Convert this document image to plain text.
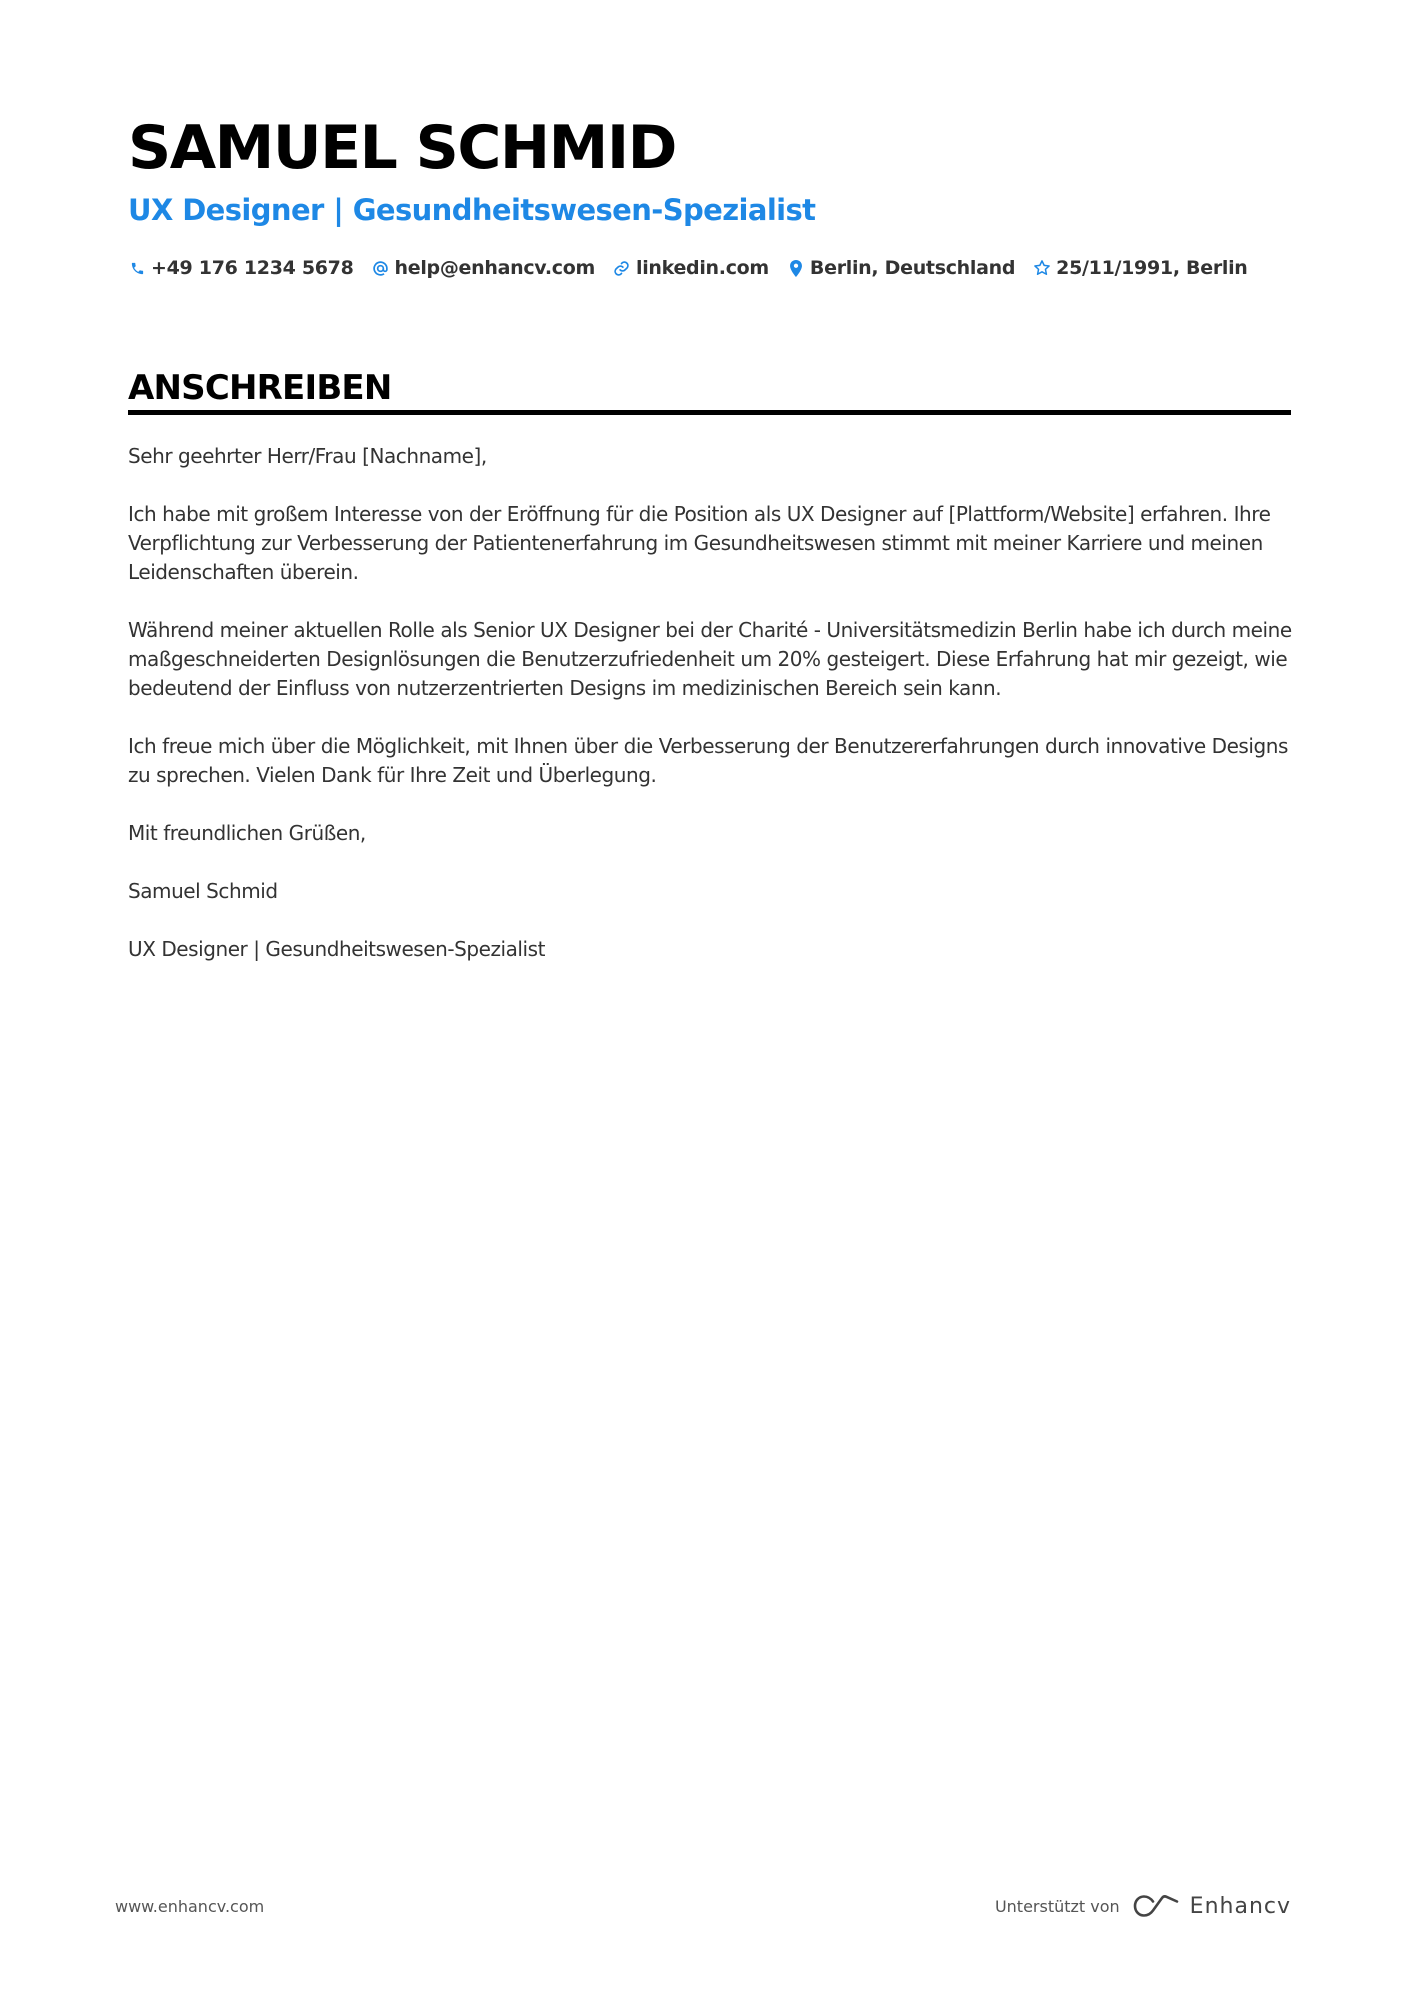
SAMUEL SCHMID
UX Designer | Gesundheitswesen-Spezialist
+49 176 1234 5678 help@enhancv.com linkedin.com Berlin, Deutschland 25/11/1991, Berlin
ANSCHREIBEN

Sehr geehrter Herr/Frau [Nachname],

Ich habe mit großem Interesse von der Eröffnung für die Position als UX Designer auf [Plattform/Website] erfahren. Ihre Verpflichtung zur Verbesserung der Patientenerfahrung im Gesundheitswesen stimmt mit meiner Karriere und meinen Leidenschaften überein.

Während meiner aktuellen Rolle als Senior UX Designer bei der Charité - Universitätsmedizin Berlin habe ich durch meine maßgeschneiderten Designlösungen die Benutzerzufriedenheit um 20% gesteigert. Diese Erfahrung hat mir gezeigt, wie bedeutend der Einfluss von nutzerzentrierten Designs im medizinischen Bereich sein kann.

Ich freue mich über die Möglichkeit, mit Ihnen über die Verbesserung der Benutzererfahrungen durch innovative Designs zu sprechen. Vielen Dank für Ihre Zeit und Überlegung.

Mit freundlichen Grüßen,

Samuel Schmid

UX Designer | Gesundheitswesen-Spezialist

www.enhancv.com	Unterstützt von	Enhancv
